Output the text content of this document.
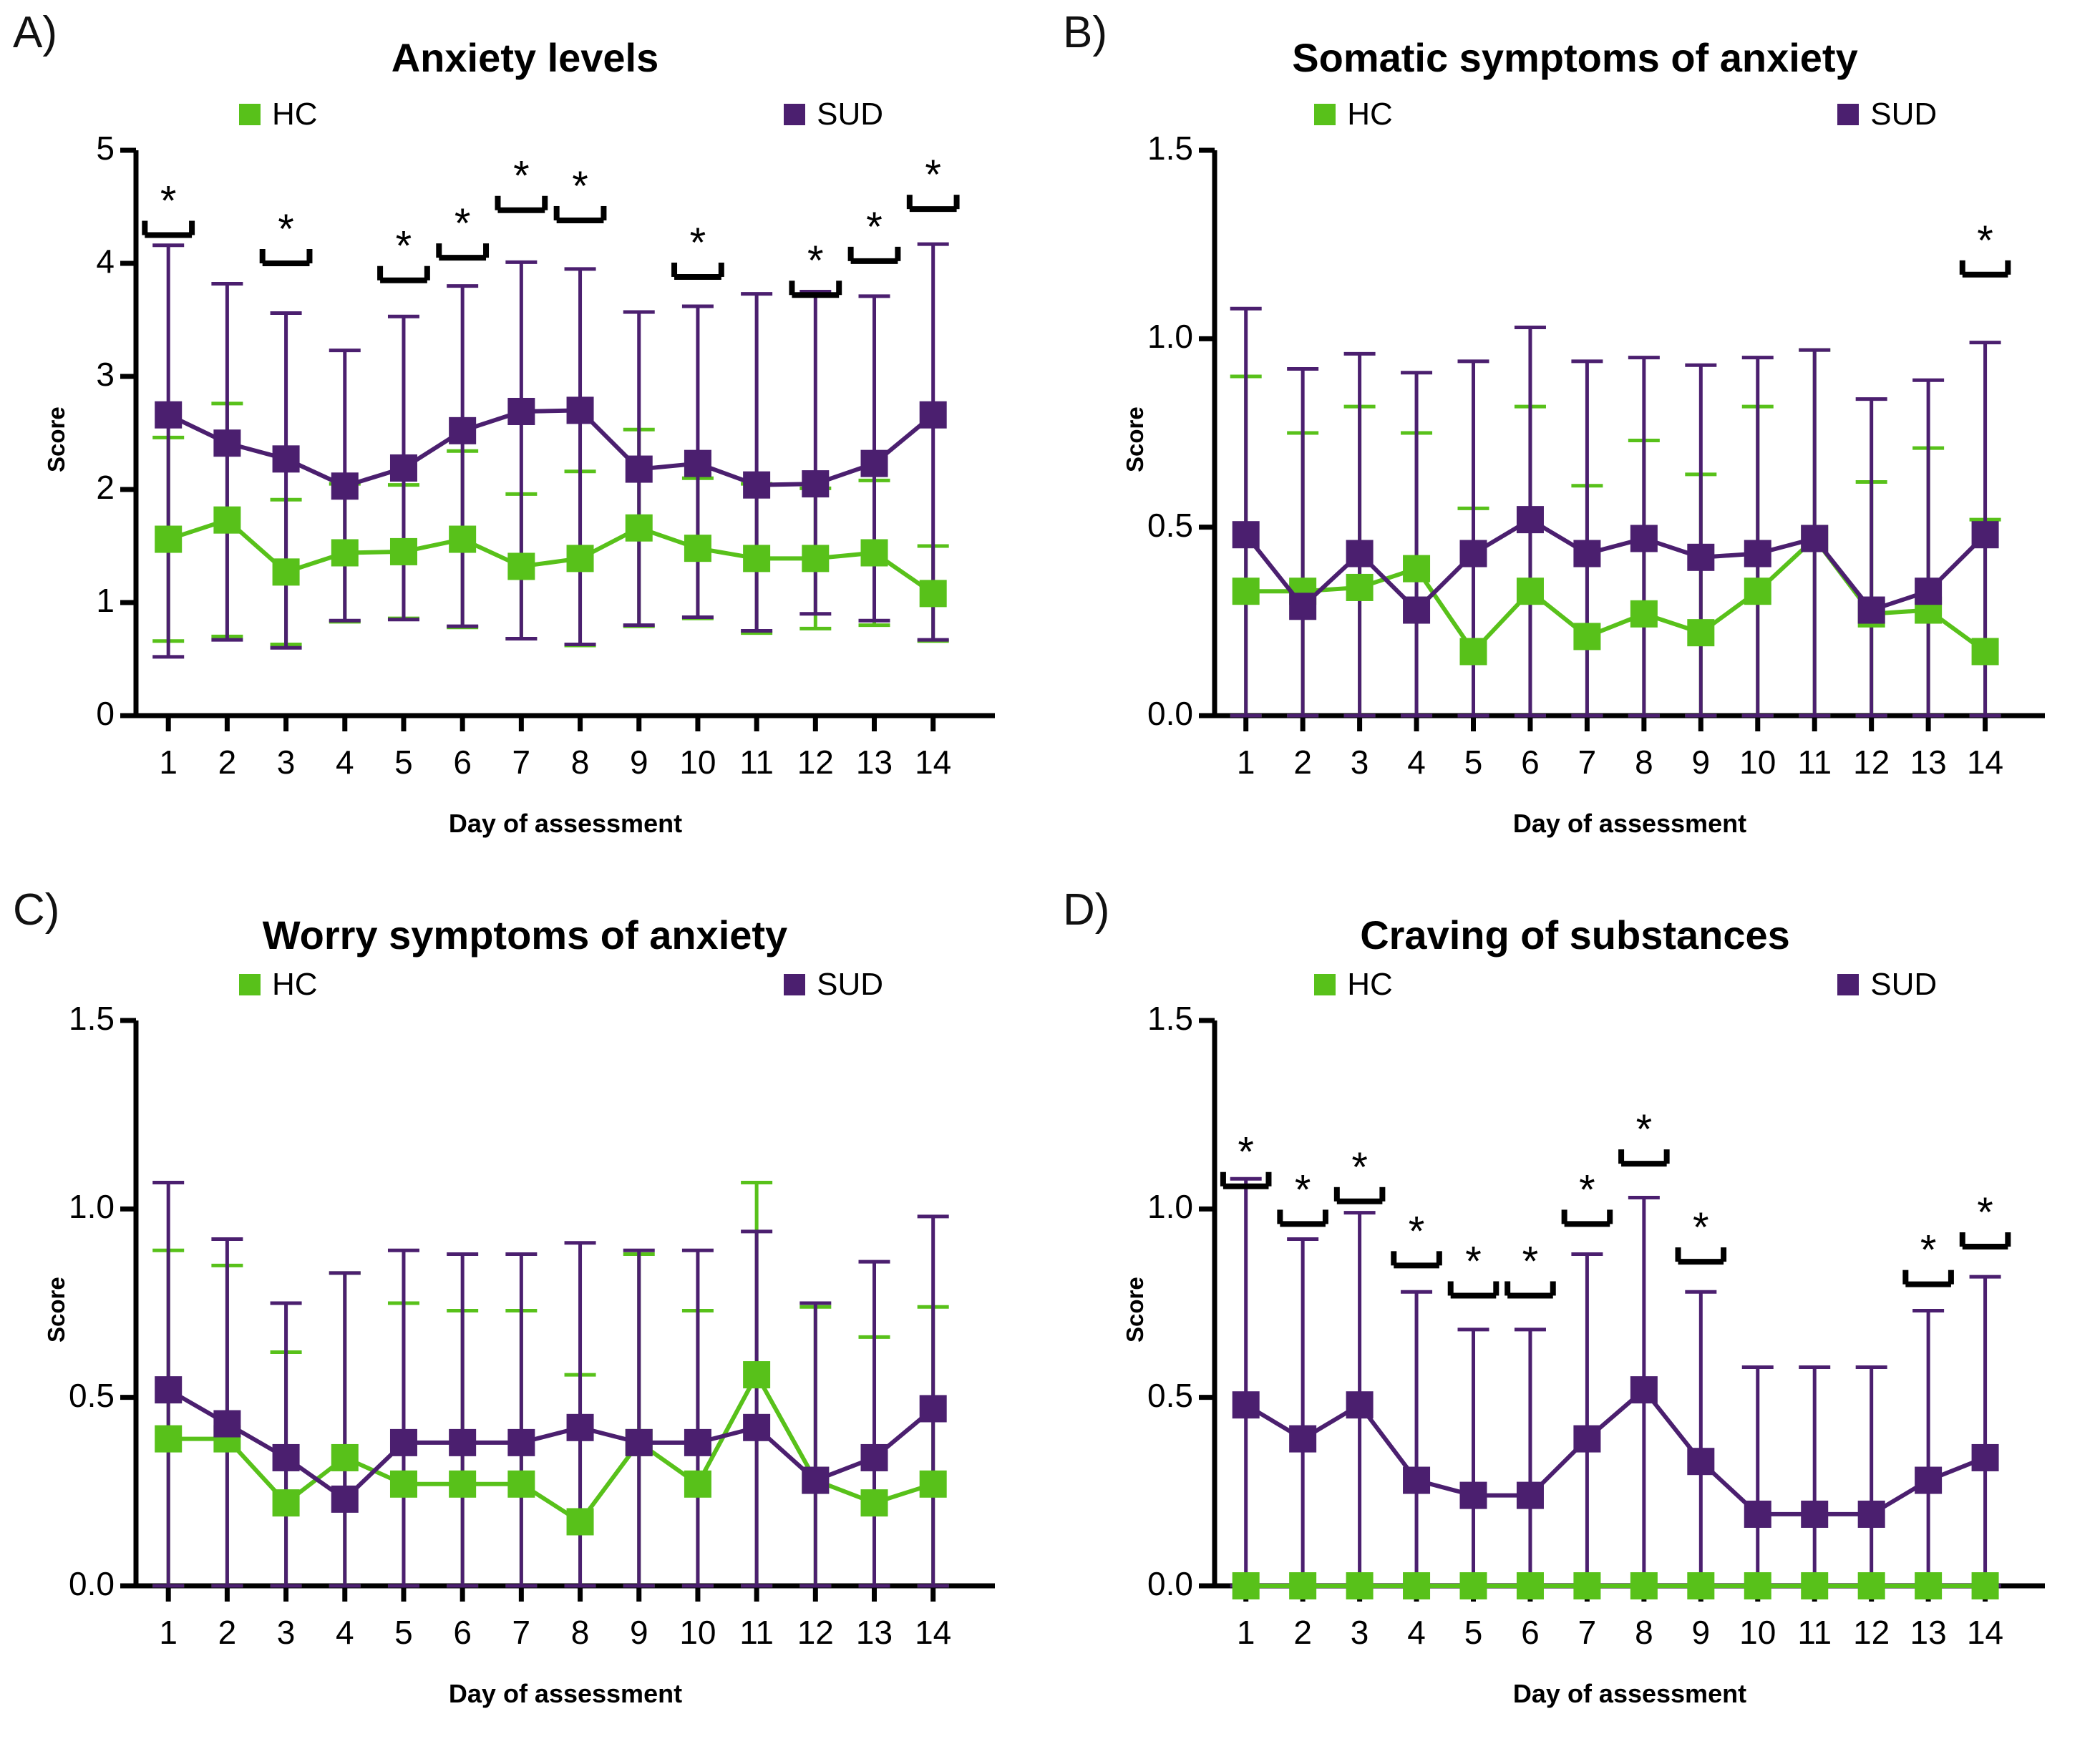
A)
Anxiety levels
HC	SUD
Score
Day of assessment
0
1
2
3
4
5
1	2	3	4	5	6	7	8	9 10 11 12 13 14
*
* * *
* *
* *
*
*
B)
Somatic symptoms of anxiety
HC	SUD
Score
Day of assessment
0.0
0.5
1.0
1.5
1	2	3	4	5	6	7	8	9 10 11 12 13 14
*
C)
Worry symptoms of anxiety
HC	SUD
Score
Day of assessment
0.0
0.5
1.0
1.5
1	2	3	4	5	6	7	8	9 10 11 12 13 14
D)
Craving of substances
HC	SUD
Score
Day of assessment
0.0
0.5
1.0
1.5
1	2	3	4	5	6	7	8	9 10 11 12 13 14
*
* *
*
* *
*
*
*	*
*
